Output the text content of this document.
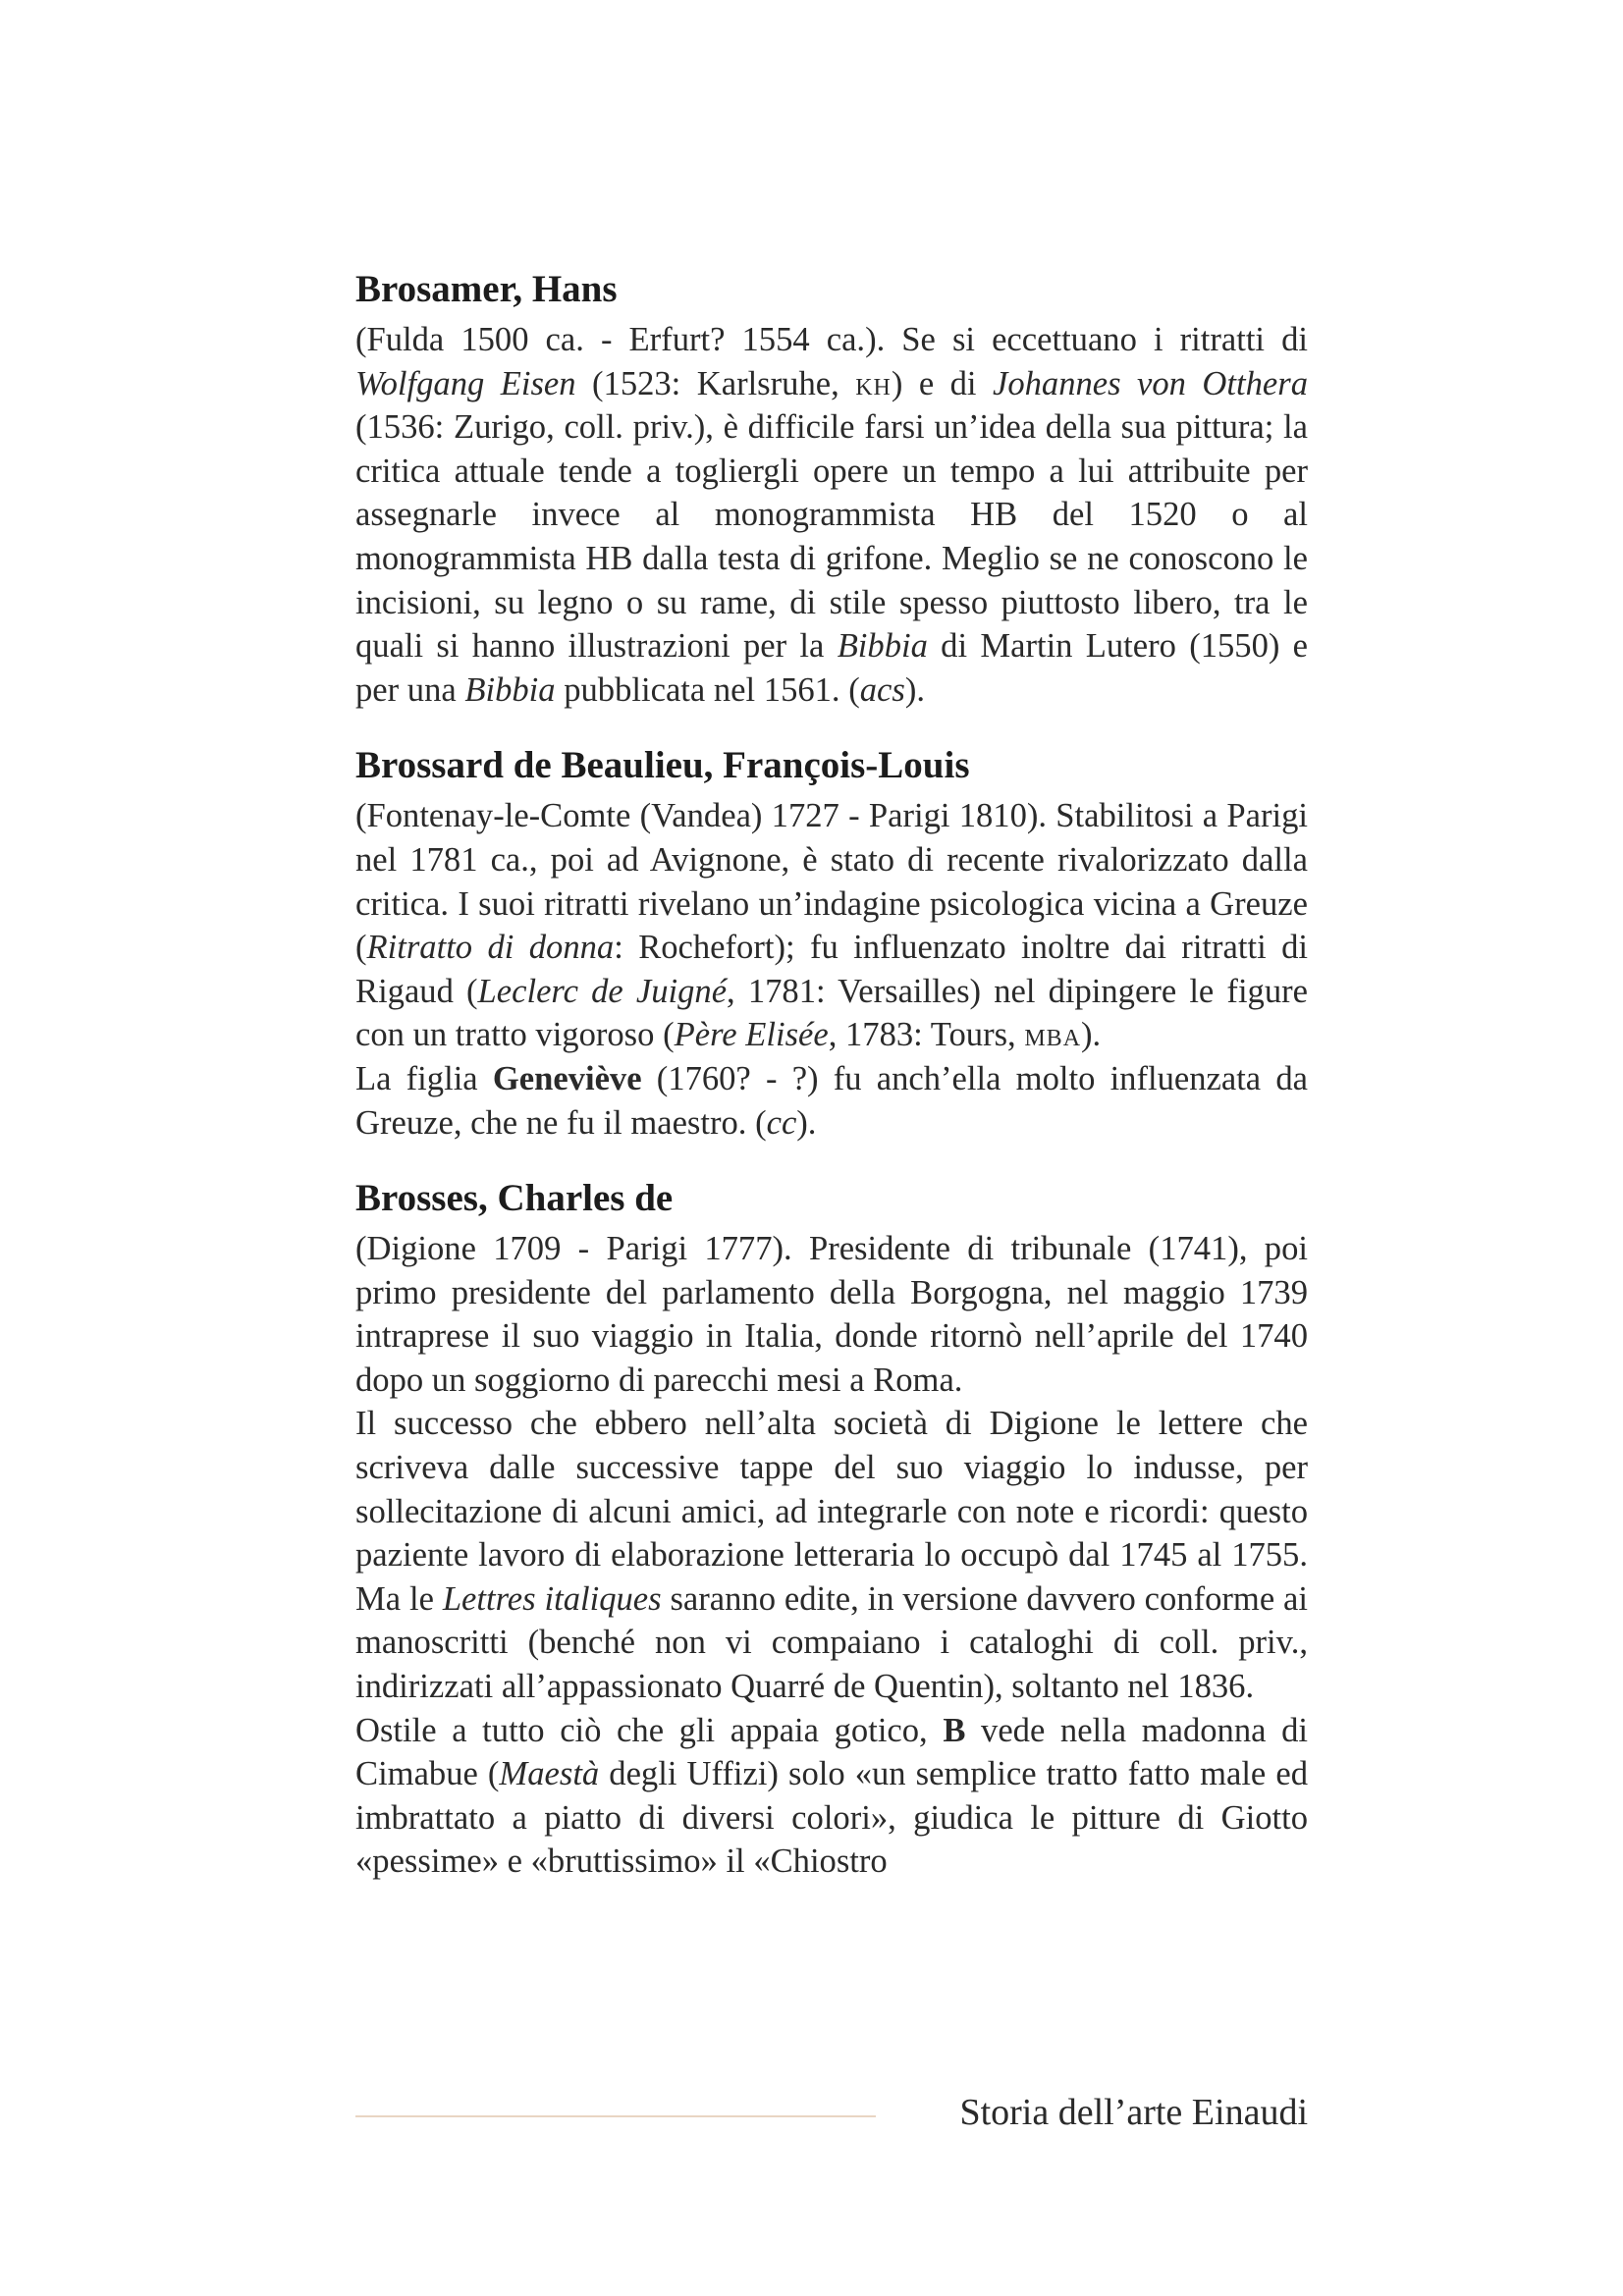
Brosamer, Hans

(Fulda 1500 ca. - Erfurt? 1554 ca.). Se si eccettuano i ritratti di Wolfgang Eisen (1523: Karlsruhe, kh) e di Johannes von Otthera (1536: Zurigo, coll. priv.), è difficile farsi un’idea della sua pittura; la critica attuale tende a togliergli opere un tempo a lui attribuite per assegnarle invece al monogrammista HB del 1520 o al monogrammista HB dalla testa di grifone. Meglio se ne conoscono le incisioni, su legno o su rame, di stile spesso piuttosto libero, tra le quali si hanno illustrazioni per la Bibbia di Martin Lutero (1550) e per una Bibbia pubblicata nel 1561. (acs).

Brossard de Beaulieu, François-Louis

(Fontenay-le-Comte (Vandea) 1727 - Parigi 1810). Stabilitosi a Parigi nel 1781 ca., poi ad Avignone, è stato di recente rivalorizzato dalla critica. I suoi ritratti rivelano un’indagine psicologica vicina a Greuze (Ritratto di donna: Rochefort); fu influenzato inoltre dai ritratti di Rigaud (Leclerc de Juigné, 1781: Versailles) nel dipingere le figure con un tratto vigoroso (Père Elisée, 1783: Tours, mba).

La figlia Geneviève (1760? - ?) fu anch’ella molto influenzata da Greuze, che ne fu il maestro. (cc).

Brosses, Charles de

(Digione 1709 - Parigi 1777). Presidente di tribunale (1741), poi primo presidente del parlamento della Borgogna, nel maggio 1739 intraprese il suo viaggio in Italia, donde ritornò nell’aprile del 1740 dopo un soggiorno di parecchi mesi a Roma.

Il successo che ebbero nell’alta società di Digione le lettere che scriveva dalle successive tappe del suo viaggio lo indusse, per sollecitazione di alcuni amici, ad integrarle con note e ricordi: questo paziente lavoro di elaborazione letteraria lo occupò dal 1745 al 1755. Ma le Lettres italiques saranno edite, in versione davvero conforme ai manoscritti (benché non vi compaiano i cataloghi di coll. priv., indirizzati all’appassionato Quarré de Quentin), soltanto nel 1836.

Ostile a tutto ciò che gli appaia gotico, B vede nella madonna di Cimabue (Maestà degli Uffizi) solo «un semplice tratto fatto male ed imbrattato a piatto di diversi colori», giudica le pitture di Giotto «pessime» e «bruttissimo» il «Chiostro

Storia dell’arte Einaudi
